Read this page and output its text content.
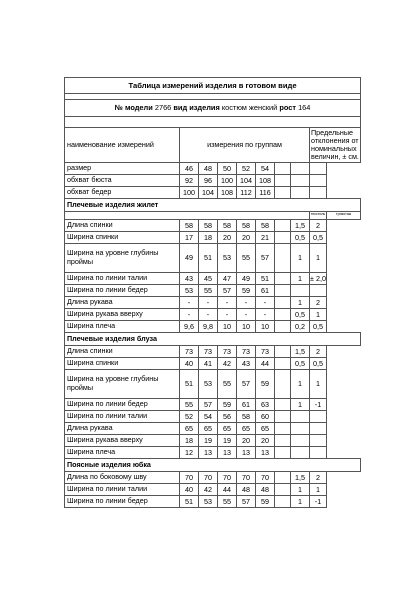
Таблица измерений изделия в готовом виде									

№ модели 2766 вид изделия костюм женский рост 164									

наименование измерений	измерения по группам							Предельные отклонения от номинальных величин, ± см.	
размер	46	48	50	52	54				
обхват бюста	92	96	100	104	108				
обхват бедер	100	104	108	112	116				
Плечевые изделия жилет									
								текстиль	трикотаж
Длина спинки	58	58	58	58	58		1,5	2	
Ширина спинки	17	18	20	20	21		0,5	0,5	
Ширина на уровне глубины проймы	49	51	53	55	57		1	1	
Ширина по линии талии	43	45	47	49	51		1	± 2,0	
Ширина по линии бедер	53	55	57	59	61				
Длина рукава	-	-	-	-	-		1	2	
Ширина рукава вверху	-	-	-	-	-		0,5	1	
Ширина плеча	9,6	9,8	10	10	10		0,2	0,5	
Плечевые изделия блуза									
Длина спинки	73	73	73	73	73		1,5	2	
Ширина спинки	40	41	42	43	44		0,5	0,5	
Ширина на уровне глубины проймы	51	53	55	57	59		1	1	
Ширина по линии бедер	55	57	59	61	63		1	-1	
Ширина по линии талии	52	54	56	58	60				
Длина рукава	65	65	65	65	65				
Ширина рукава вверху	18	19	19	20	20				
Ширина плеча	12	13	13	13	13				
Поясные изделия юбка									
Длина по боковому шву	70	70	70	70	70		1,5	2	
Ширина по линии талии	40	42	44	48	48		1	1	
Ширина по линии бедер	51	53	55	57	59		1	-1	
